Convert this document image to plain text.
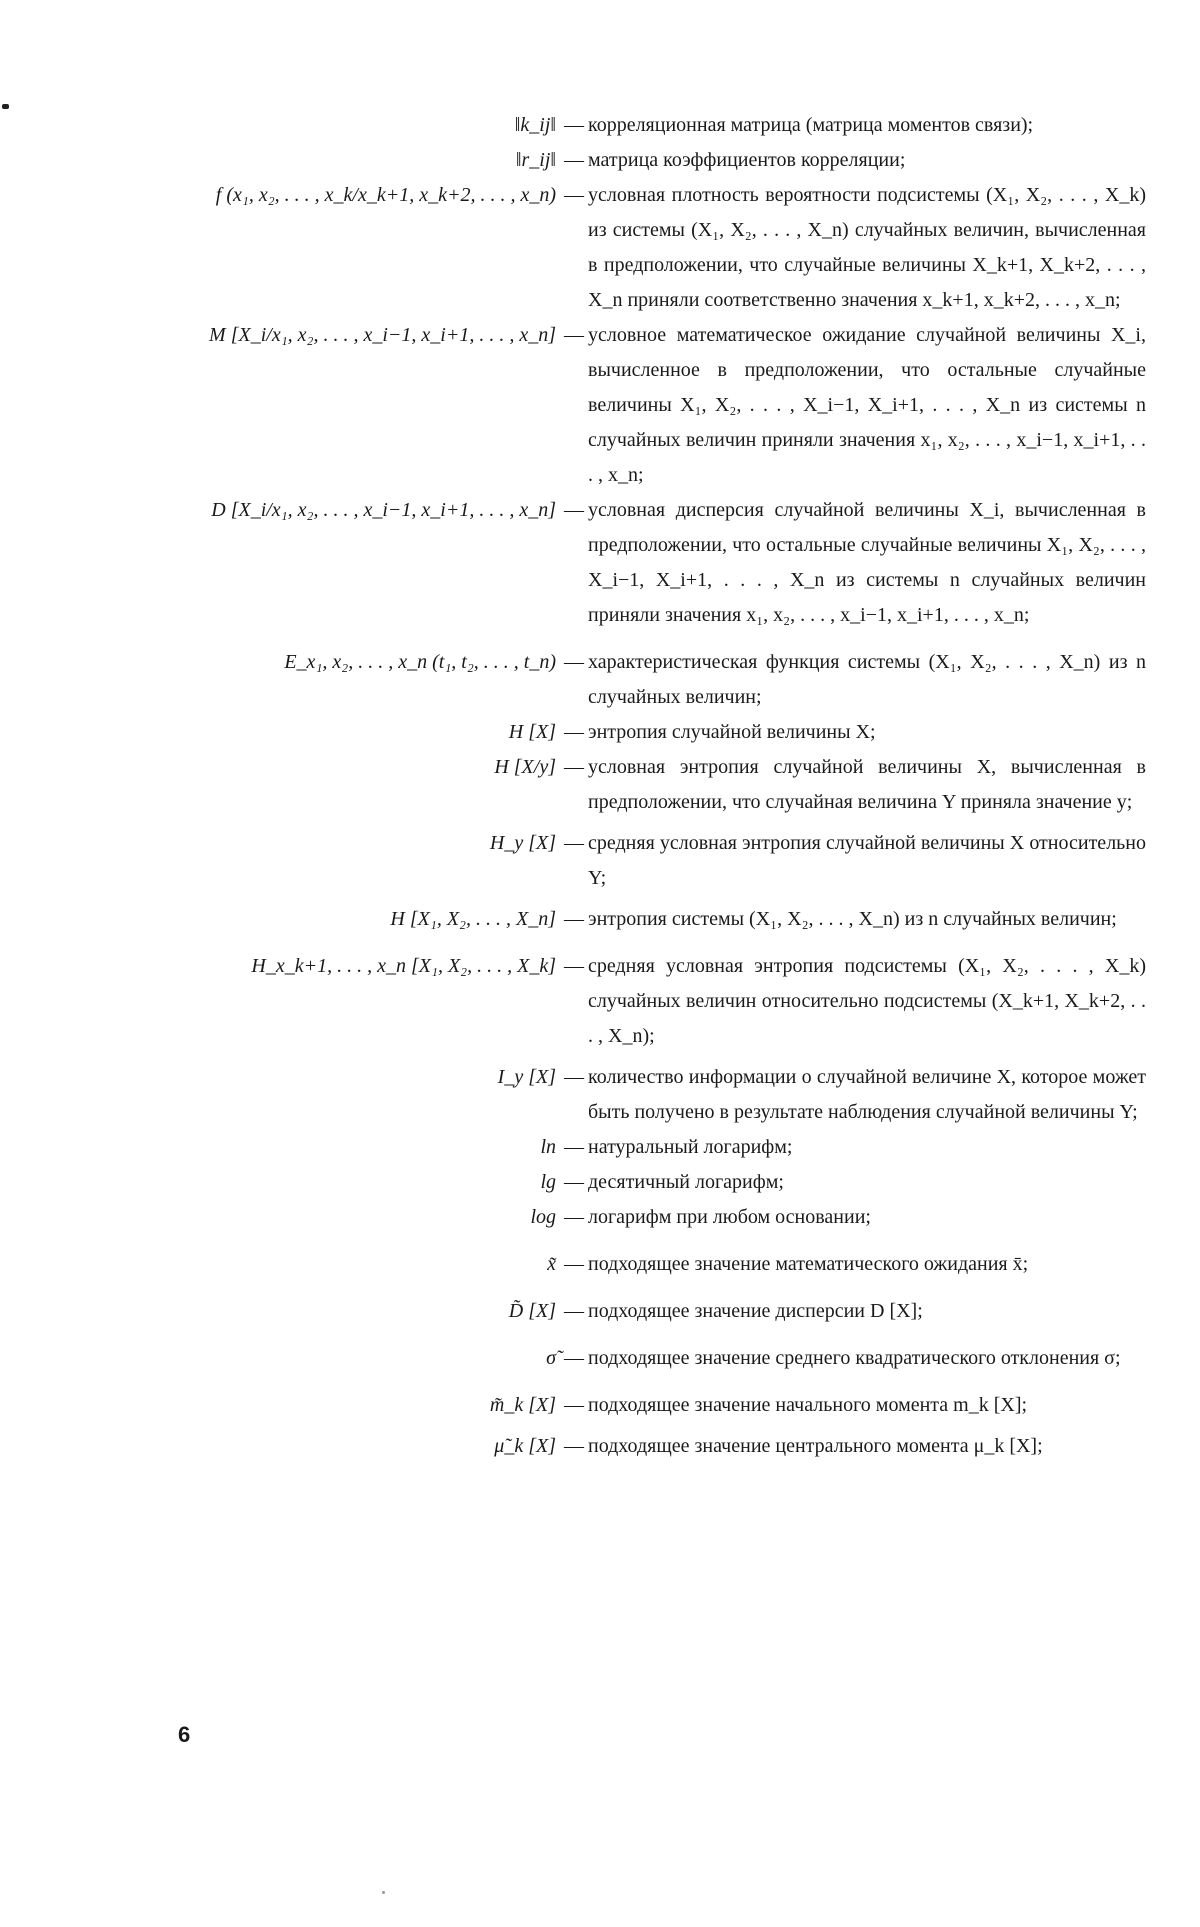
‖k_ij‖ — корреляционная матрица (матрица моментов связи);
‖r_ij‖ — матрица коэффициентов корреляции;
f (x₁, x₂, . . . , x_k/x_k+1, x_k+2, . . . , x_n) — условная плотность вероятности подсистемы (X₁, X₂, . . . , X_k) из системы (X₁, X₂, . . . , X_n) случайных величин, вычисленная в предположении, что случайные величины X_k+1, X_k+2, . . . , X_n приняли соответственно значения x_k+1, x_k+2, . . . , x_n;
M [X_i/x₁, x₂, . . . , x_i−1, x_i+1, . . . , x_n] — условное математическое ожидание случайной величины X_i, вычисленное в предположении, что остальные случайные величины X₁, X₂, . . . , X_i−1, X_i+1, . . . , X_n из системы n случайных величин приняли значения x₁, x₂, . . . , x_i−1, x_i+1, . . . , x_n;
D [X_i/x₁, x₂, . . . , x_i−1, x_i+1, . . . , x_n] — условная дисперсия случайной величины X_i, вычисленная в предположении, что остальные случайные величины X₁, X₂, . . . , X_i−1, X_i+1, . . . , X_n из системы n случайных величин приняли значения x₁, x₂, . . . , x_i−1, x_i+1, . . . , x_n;
E_x₁, x₂, . . . , x_n (t₁, t₂, . . . , t_n) — характеристическая функция системы (X₁, X₂, . . . , X_n) из n случайных величин;
H [X] — энтропия случайной величины X;
H [X/y] — условная энтропия случайной величины X, вычисленная в предположении, что случайная величина Y приняла значение y;
H_y [X] — средняя условная энтропия случайной величины X относительно Y;
H [X₁, X₂, . . . , X_n] — энтропия системы (X₁, X₂, . . . , X_n) из n случайных величин;
H_x_k+1, . . . , x_n [X₁, X₂, . . . , X_k] — средняя условная энтропия подсистемы (X₁, X₂, . . . , X_k) случайных величин относительно подсистемы (X_k+1, X_k+2, . . . , X_n);
I_y [X] — количество информации о случайной величине X, которое может быть получено в результате наблюдения случайной величины Y;
ln — натуральный логарифм;
lg — десятичный логарифм;
log — логарифм при любом основании;
x̃ — подходящее значение математического ожидания x̄;
D̃ [X] — подходящее значение дисперсии D [X];
σ̃ — подходящее значение среднего квадратического отклонения σ;
m̃_k [X] — подходящее значение начального момента m_k [X];
μ̃_k [X] — подходящее значение центрального момента μ_k [X];
6
